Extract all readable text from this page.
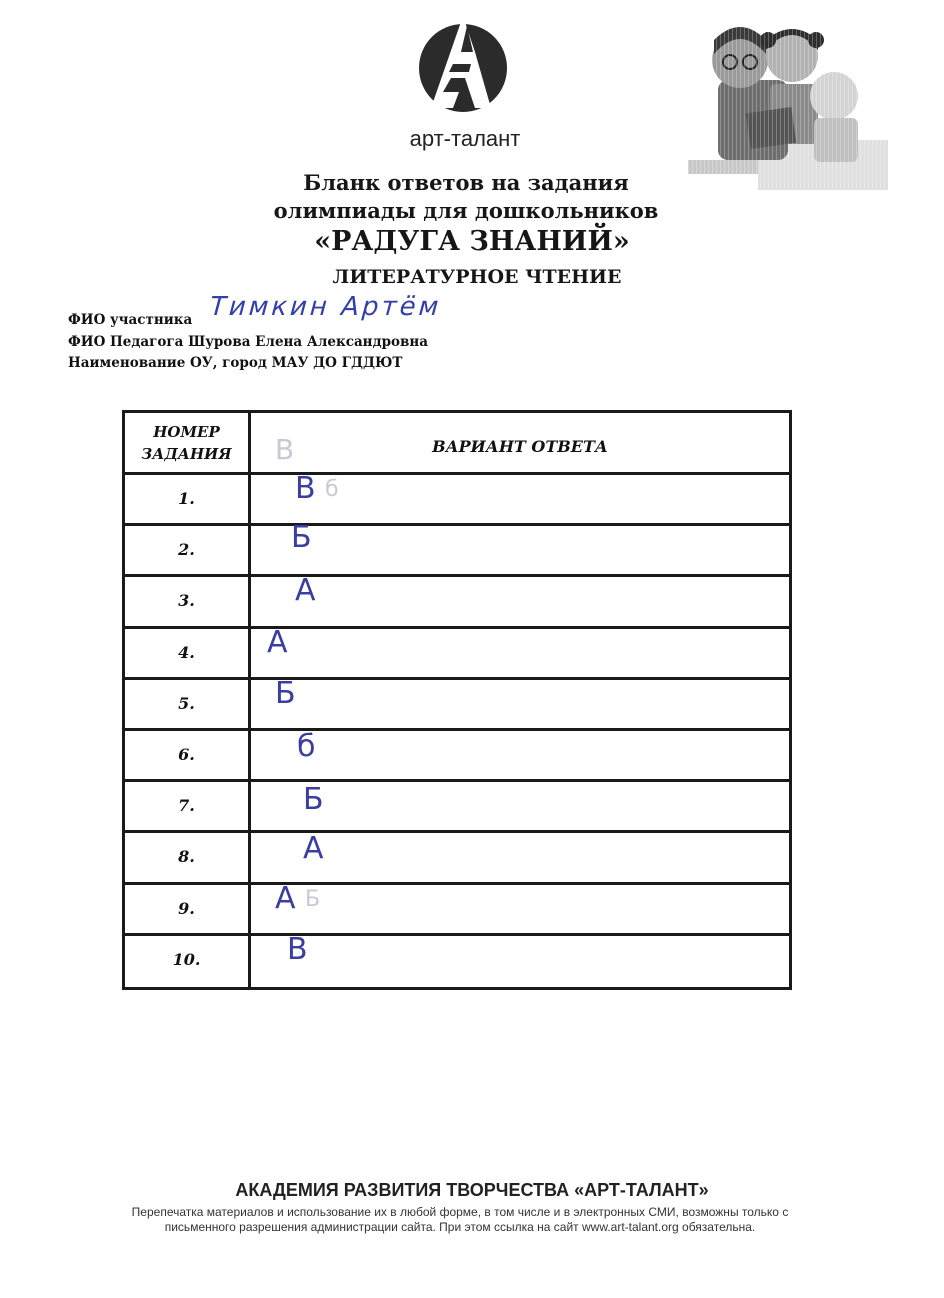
арт-талант
Бланк ответов на задания
олимпиады для дошкольников
«РАДУГА ЗНАНИЙ»
ЛИТЕРАТУРНОЕ ЧТЕНИЕ
ФИО участника Тимкин Артём
ФИО Педагога Шурова Елена Александровна
Наименование ОУ, город МАУ ДО ГДДЮТ
НОМЕР
ЗАДАНИЯ	В	ВАРИАНТ ОТВЕТА
1.	В б
2.	Б
3.	А
4.	А
5.	Б
6.	б
7.	Б
8.	А
9.	А Б
10.	В
АКАДЕМИЯ РАЗВИТИЯ ТВОРЧЕСТВА «АРТ-ТАЛАНТ»
Перепечатка материалов и использование их в любой форме, в том числе и в электронных СМИ, возможны только с
письменного разрешения администрации сайта. При этом ссылка на сайт www.art-talant.org обязательна.
